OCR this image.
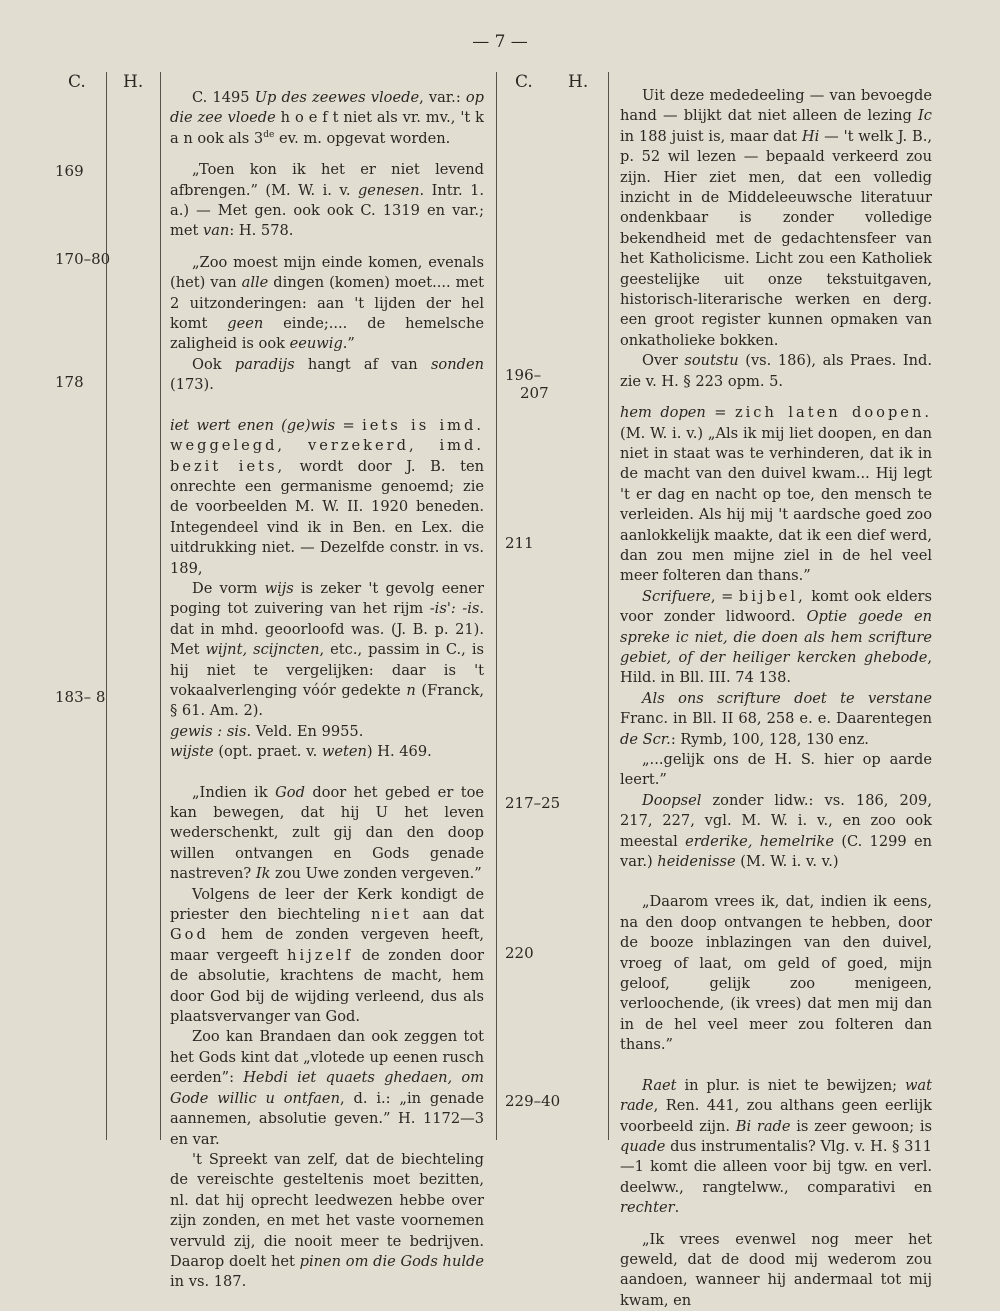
— 7 —
C. H.	C. H.
169
170–80
178
183– 8
196–
207
211
217–25
220
229–40

C. 1495 Up des zeewes vloede, var.: op die zee vloede h o e f t niet als vr. mv., 't k a n ook als 3de ev. m. opgevat worden.

„Toen kon ik het er niet levend afbrengen.” (M. W. i. v. genesen. Intr. 1. a.) — Met gen. ook ook C. 1319 en var.; met van: H. 578.

„Zoo moest mijn einde komen, evenals (het) van alle dingen (komen) moet.... met 2 uitzonderingen: aan 't lijden der hel komt geen einde;.... de hemelsche zaligheid is ook eeuwig.”

Ook paradijs hangt af van sonden (173).

iet wert enen (ge)wis = iets is imd. weggelegd, verzekerd, imd. bezit iets, wordt door J. B. ten onrechte een germanisme genoemd; zie de voorbeelden M. W. II. 1920 beneden. Integendeel vind ik in Ben. en Lex. die uitdrukking niet. — Dezelfde constr. in vs. 189,

De vorm wijs is zeker 't gevolg eener poging tot zuivering van het rijm -is': -is. dat in mhd. geoorloofd was. (J. B. p. 21). Met wijnt, scijncten, etc., passim in C., is hij niet te vergelijken: daar is 't vokaalverlenging vóór gedekte n (Franck, § 61. Am. 2).

gewis : sis. Veld. En 9955.

wijste (opt. praet. v. weten) H. 469.

„Indien ik God door het gebed er toe kan bewegen, dat hij U het leven wederschenkt, zult gij dan den doop willen ontvangen en Gods genade nastreven? Ik zou Uwe zonden vergeven.”

Volgens de leer der Kerk kondigt de priester den biechteling niet aan dat God hem de zonden vergeven heeft, maar vergeeft hijzelf de zonden door de absolutie, krachtens de macht, hem door God bij de wijding verleend, dus als plaatsvervanger van God.

Zoo kan Brandaen dan ook zeggen tot het Gods kint dat „vlotede up eenen rusch eerden”: Hebdi iet quaets ghedaen, om Gode willic u ontfaen, d. i.: „in genade aannemen, absolutie geven.” H. 1172—3 en var.

't Spreekt van zelf, dat de biechteling de vereischte gesteltenis moet bezitten, nl. dat hij oprecht leedwezen hebbe over zijn zonden, en met het vaste voornemen vervuld zij, die nooit meer te bedrijven. Daarop doelt het pinen om die Gods hulde in vs. 187.

Uit deze mededeeling — van bevoegde hand — blijkt dat niet alleen de lezing Ic in 188 juist is, maar dat Hi — 't welk J. B., p. 52 wil lezen — bepaald verkeerd zou zijn. Hier ziet men, dat een volledig inzicht in de Middeleeuwsche literatuur ondenkbaar is zonder volledige bekendheid met de gedachtensfeer van het Katholicisme. Licht zou een Katholiek geestelijke uit onze tekstuitgaven, historisch-literarische werken en derg. een groot register kunnen opmaken van onkatholieke bokken.

Over soutstu (vs. 186), als Praes. Ind. zie v. H. § 223 opm. 5.

hem dopen = zich laten doopen. (M. W. i. v.) „Als ik mij liet doopen, en dan niet in staat was te verhinderen, dat ik in de macht van den duivel kwam... Hij legt 't er dag en nacht op toe, den mensch te verleiden. Als hij mij 't aardsche goed zoo aanlokkelijk maakte, dat ik een dief werd, dan zou men mijne ziel in de hel veel meer folteren dan thans.”

Scrifuere, = bijbel, komt ook elders voor zonder lidwoord. Optie goede en spreke ic niet, die doen als hem scrifture gebiet, of der heiliger kercken ghebode, Hild. in Bll. III. 74 138.

Als ons scrifture doet te verstane Franc. in Bll. II 68, 258 e. e. Daarentegen de Scr.: Rymb, 100, 128, 130 enz.

„...gelijk ons de H. S. hier op aarde leert.”

Doopsel zonder lidw.: vs. 186, 209, 217, 227, vgl. M. W. i. v., en zoo ook meestal erderike, hemelrike (C. 1299 en var.) heidenisse (M. W. i. v. v.)

„Daarom vrees ik, dat, indien ik eens, na den doop ontvangen te hebben, door de booze inblazingen van den duivel, vroeg of laat, om geld of goed, mijn geloof, gelijk zoo menigeen, verloochende, (ik vrees) dat men mij dan in de hel veel meer zou folteren dan thans.”

Raet in plur. is niet te bewijzen; wat rade, Ren. 441, zou althans geen eerlijk voorbeeld zijn. Bi rade is zeer gewoon; is quade dus instrumentalis? Vlg. v. H. § 311—1 komt die alleen voor bij tgw. en verl. deelww., rangtelww., comparativi en rechter.

„Ik vrees evenwel nog meer het geweld, dat de dood mij wederom zou aandoen, wanneer hij andermaal tot mij kwam, en
